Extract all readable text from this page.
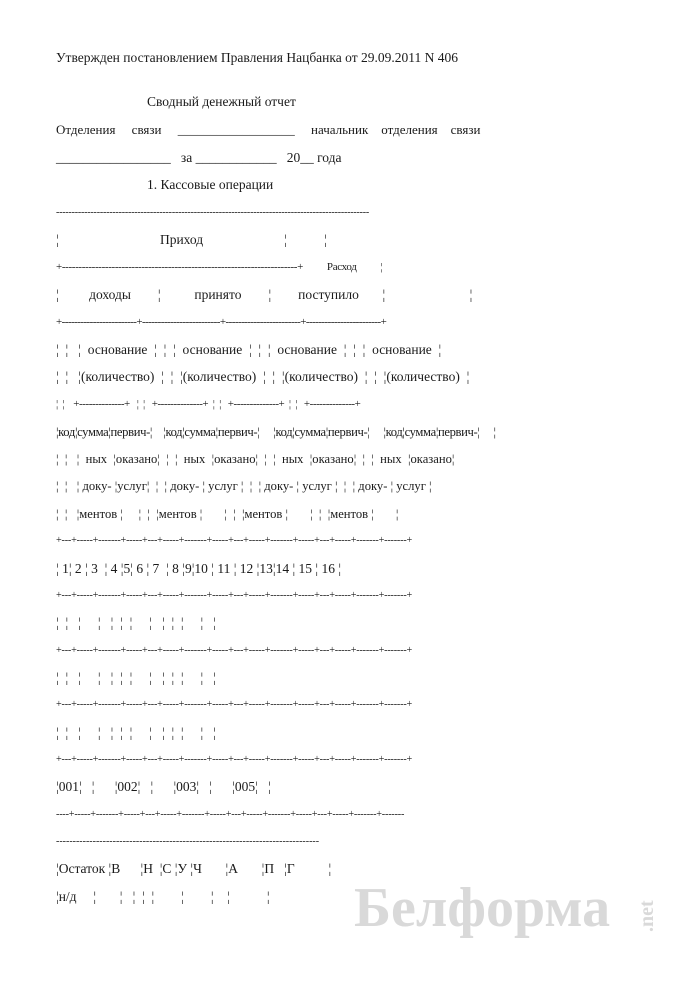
Утвержден постановлением Правления Нацбанка от 29.09.2011 N 406
Сводный денежный отчет
Отделения     связи     __________________     начальник    отделения    связи
_________________   за ____________   20__ года
1. Кассовые операции
----------------------------------------------------------------------------------------------------
¦                              Приход                        ¦           ¦
+-----------------------------------------------------------------------+          Расход          ¦
¦         доходы        ¦          принято        ¦        поступило       ¦                         ¦
+------------------------+-------------------------+------------------------+------------------------+
¦  ¦   ¦  основание  ¦  ¦  ¦  основание  ¦  ¦  ¦  основание  ¦  ¦  ¦  основание  ¦
¦  ¦   ¦(количество)  ¦  ¦  ¦(количество)  ¦  ¦  ¦(количество)  ¦  ¦  ¦(количество)  ¦
¦  ¦    +--------------+   ¦  ¦   +--------------+  ¦  ¦   +--------------+  ¦  ¦   +--------------+
¦код¦сумма¦первич-¦    ¦код¦сумма¦первич-¦     ¦код¦сумма¦первич-¦     ¦код¦сумма¦первич-¦     ¦
¦  ¦   ¦  ных  ¦оказано¦  ¦  ¦  ных  ¦оказано¦  ¦  ¦  ных  ¦оказано¦  ¦  ¦  ных  ¦оказано¦
¦  ¦   ¦ доку- ¦услуг¦  ¦  ¦ доку- ¦ услуг ¦  ¦  ¦ доку- ¦ услуг ¦  ¦  ¦ доку- ¦ услуг ¦
¦  ¦   ¦ментов ¦     ¦  ¦  ¦ментов ¦       ¦  ¦  ¦ментов ¦       ¦  ¦  ¦ментов ¦       ¦
+---+-----+-------+-----+---+-----+-------+-----+---+-----+-------+-----+---+-----+-------+-------+
¦ 1¦ 2 ¦ 3  ¦ 4 ¦5¦ 6 ¦ 7  ¦ 8 ¦9¦10 ¦ 11 ¦ 12 ¦13¦14 ¦ 15 ¦ 16 ¦
+---+-----+-------+-----+---+-----+-------+-----+---+-----+-------+-----+---+-----+-------+-------+
¦  ¦   ¦     ¦   ¦  ¦  ¦     ¦   ¦  ¦  ¦     ¦   ¦
+---+-----+-------+-----+---+-----+-------+-----+---+-----+-------+-----+---+-----+-------+-------+
¦  ¦   ¦     ¦   ¦  ¦  ¦     ¦   ¦  ¦  ¦     ¦   ¦
+---+-----+-------+-----+---+-----+-------+-----+---+-----+-------+-----+---+-----+-------+-------+
¦  ¦   ¦     ¦   ¦  ¦  ¦     ¦   ¦  ¦  ¦     ¦   ¦
+---+-----+-------+-----+---+-----+-------+-----+---+-----+-------+-----+---+-----+-------+-------+
¦001¦   ¦      ¦002¦   ¦      ¦003¦   ¦      ¦005¦   ¦
----+-----+-------+-----+---+-----+-------+-----+---+-----+-------+-----+---+-----+-------+-------
-------------------------------------------------------------------------------
¦Остаток ¦В      ¦Н  ¦С ¦У ¦Ч       ¦А       ¦П   ¦Г          ¦
¦н/д     ¦       ¦   ¦  ¦  ¦        ¦        ¦    ¦           ¦ Белформа .net
